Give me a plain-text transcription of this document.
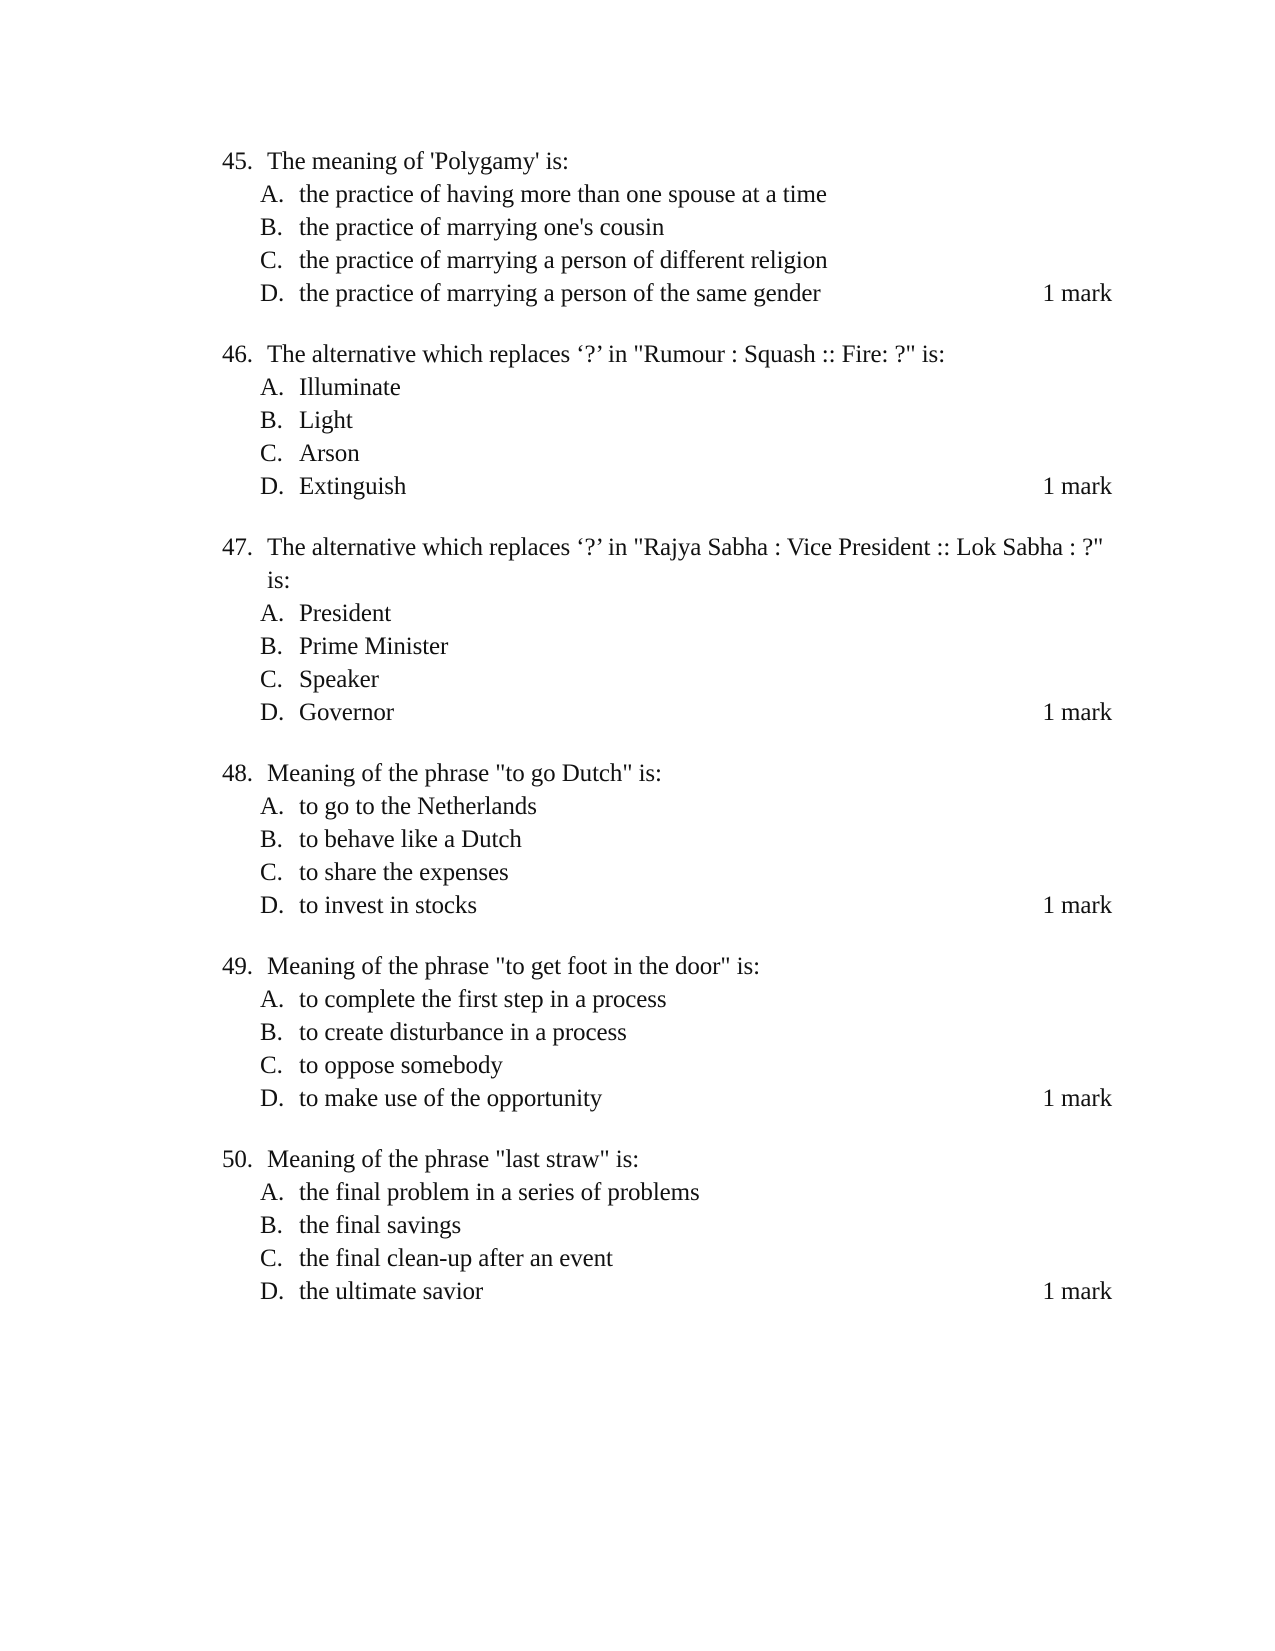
45. The meaning of 'Polygamy' is:
A. the practice of having more than one spouse at a time
B. the practice of marrying one's cousin
C. the practice of marrying a person of different religion
D. the practice of marrying a person of the same gender	1 mark
46. The alternative which replaces ‘?’ in "Rumour : Squash :: Fire: ?" is:
A. Illuminate
B. Light
C. Arson
D. Extinguish	1 mark
47. The alternative which replaces ‘?’ in "Rajya Sabha : Vice President :: Lok Sabha : ?" is:
A. President
B. Prime Minister
C. Speaker
D. Governor	1 mark
48. Meaning of the phrase "to go Dutch" is:
A. to go to the Netherlands
B. to behave like a Dutch
C. to share the expenses
D. to invest in stocks	1 mark
49. Meaning of the phrase "to get foot in the door" is:
A. to complete the first step in a process
B. to create disturbance in a process
C. to oppose somebody
D. to make use of the opportunity	1 mark
50. Meaning of the phrase "last straw" is:
A. the final problem in a series of problems
B. the final savings
C. the final clean-up after an event
D. the ultimate savior	1 mark
